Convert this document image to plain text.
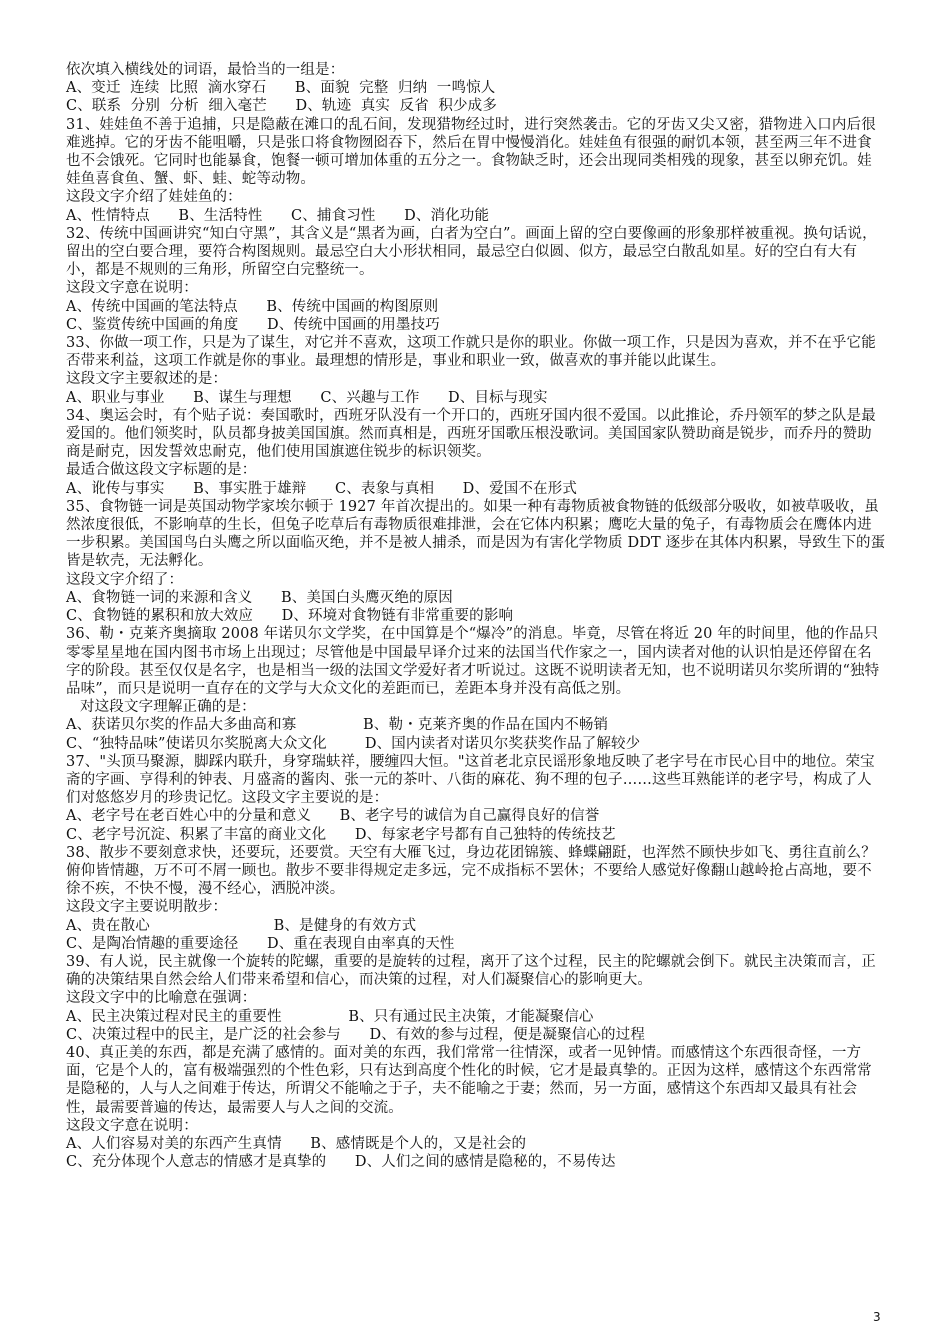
依次填入横线处的词语，最恰当的一组是：

A、变迁  连续  比照  滴水穿石      B、面貌  完整  归纳  一鸣惊人

C、联系  分别  分析  细入毫芒      D、轨迹  真实  反省  积少成多

31、娃娃鱼不善于追捕，只是隐蔽在滩口的乱石间，发现猎物经过时，进行突然袭击。它的牙齿又尖又密，猎物进入口内后很难逃掉。它的牙齿不能咀嚼，只是张口将食物囫囵吞下，然后在胃中慢慢消化。娃娃鱼有很强的耐饥本领，甚至两三年不进食也不会饿死。它同时也能暴食，饱餐一顿可增加体重的五分之一。食物缺乏时，还会出现同类相残的现象，甚至以卵充饥。娃娃鱼喜食鱼、蟹、虾、蛙、蛇等动物。

这段文字介绍了娃娃鱼的：

A、性情特点      B、生活特性      C、捕食习性      D、消化功能

32、传统中国画讲究“知白守黑”，其含义是“黑者为画，白者为空白”。画面上留的空白要像画的形象那样被重视。换句话说，留出的空白要合理，要符合构图规则。最忌空白大小形状相同，最忌空白似圆、似方，最忌空白散乱如星。好的空白有大有小，都是不规则的三角形，所留空白完整统一。

这段文字意在说明：

A、传统中国画的笔法特点      B、传统中国画的构图原则

C、鉴赏传统中国画的角度      D、传统中国画的用墨技巧

33、你做一项工作，只是为了谋生，对它并不喜欢，这项工作就只是你的职业。你做一项工作，只是因为喜欢，并不在乎它能否带来利益，这项工作就是你的事业。最理想的情形是，事业和职业一致，做喜欢的事并能以此谋生。

这段文字主要叙述的是：

A、职业与事业      B、谋生与理想      C、兴趣与工作      D、目标与现实

34、奥运会时，有个贴子说：奏国歌时，西班牙队没有一个开口的，西班牙国内很不爱国。以此推论，乔丹领军的梦之队是最爱国的。他们领奖时，队员都身披美国国旗。然而真相是，西班牙国歌压根没歌词。美国国家队赞助商是锐步，而乔丹的赞助商是耐克，因发誓效忠耐克，他们使用国旗遮住锐步的标识领奖。

最适合做这段文字标题的是：

A、讹传与事实      B、事实胜于雄辩      C、表象与真相      D、爱国不在形式

35、食物链一词是英国动物学家埃尔顿于 1927 年首次提出的。如果一种有毒物质被食物链的低级部分吸收，如被草吸收，虽然浓度很低，不影响草的生长，但兔子吃草后有毒物质很难排泄，会在它体内积累；鹰吃大量的兔子，有毒物质会在鹰体内进一步积累。美国国鸟白头鹰之所以面临灭绝，并不是被人捕杀，而是因为有害化学物质 DDT 逐步在其体内积累，导致生下的蛋皆是软壳，无法孵化。

这段文字介绍了：

A、食物链一词的来源和含义      B、美国白头鹰灭绝的原因

C、食物链的累积和放大效应      D、环境对食物链有非常重要的影响

36、勒・克莱齐奥摘取 2008 年诺贝尔文学奖，在中国算是个“爆冷”的消息。毕竟，尽管在将近 20 年的时间里，他的作品只零零星星地在国内图书市场上出现过；尽管他是中国最早译介过来的法国当代作家之一，国内读者对他的认识怕是还停留在名字的阶段。甚至仅仅是名字，也是相当一级的法国文学爱好者才听说过。这既不说明读者无知，也不说明诺贝尔奖所谓的“独特品味”，而只是说明一直存在的文学与大众文化的差距而已，差距本身并没有高低之别。

对这段文字理解正确的是：

A、获诺贝尔奖的作品大多曲高和寡              B、勒・克莱齐奥的作品在国内不畅销

C、“独特品味”使诺贝尔奖脱离大众文化        D、国内读者对诺贝尔奖获奖作品了解较少

37、"头顶马聚源，脚踩内联升，身穿瑞蚨祥，腰缠四大恒。"这首老北京民谣形象地反映了老字号在市民心目中的地位。荣宝斋的字画、亨得利的钟表、月盛斋的酱肉、张一元的茶叶、八街的麻花、狗不理的包子……这些耳熟能详的老字号，构成了人们对悠悠岁月的珍贵记忆。这段文字主要说的是：

A、老字号在老百姓心中的分量和意义      B、老字号的诚信为自己赢得良好的信誉

C、老字号沉淀、积累了丰富的商业文化      D、每家老字号都有自己独特的传统技艺

38、散步不要刻意求快，还要玩，还要赏。天空有大雁飞过，身边花团锦簇、蜂蝶翩跹，也浑然不顾快步如飞、勇往直前么？俯仰皆情趣，万不可不屑一顾也。散步不要非得规定走多远，完不成指标不罢休；不要给人感觉好像翻山越岭抢占高地，要不徐不疾，不快不慢，漫不经心，洒脱冲淡。

这段文字主要说明散步：

A、贵在散心                          B、是健身的有效方式

C、是陶冶情趣的重要途径      D、重在表现自由率真的天性

39、有人说，民主就像一个旋转的陀螺，重要的是旋转的过程，离开了这个过程，民主的陀螺就会倒下。就民主决策而言，正确的决策结果自然会给人们带来希望和信心，而决策的过程，对人们凝聚信心的影响更大。

这段文字中的比喻意在强调：

A、民主决策过程对民主的重要性              B、只有通过民主决策，才能凝聚信心

C、决策过程中的民主，是广泛的社会参与      D、有效的参与过程，便是凝聚信心的过程

40、真正美的东西，都是充满了感情的。面对美的东西，我们常常一往情深，或者一见钟情。而感情这个东西很奇怪，一方面，它是个人的，富有极端强烈的个性色彩，只有达到高度个性化的时候，它才是最真挚的。正因为这样，感情这个东西常常是隐秘的，人与人之间难于传达，所谓父不能喻之于子，夫不能喻之于妻；然而，另一方面，感情这个东西却又最具有社会性，最需要普遍的传达，最需要人与人之间的交流。

这段文字意在说明：

A、人们容易对美的东西产生真情      B、感情既是个人的，又是社会的

C、充分体现个人意志的情感才是真挚的      D、人们之间的感情是隐秘的，不易传达

3
